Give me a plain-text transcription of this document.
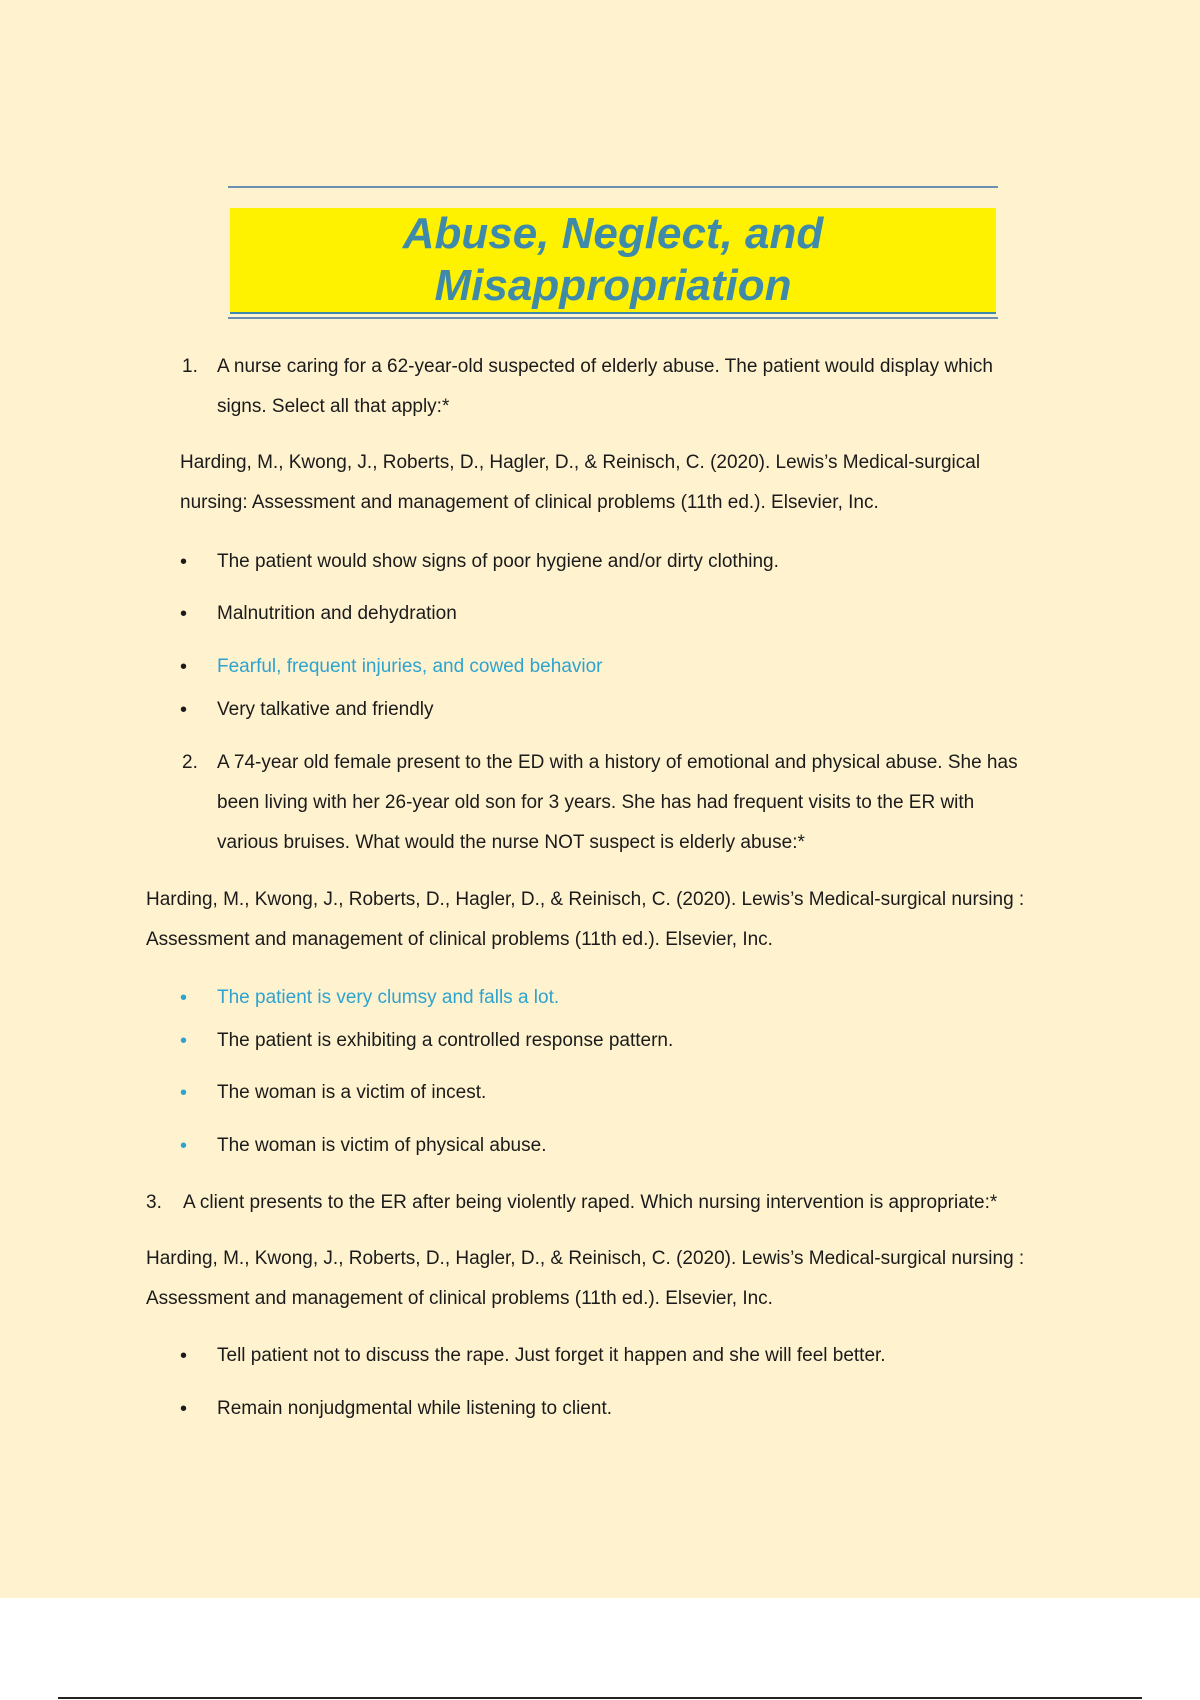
Abuse, Neglect, and Misappropriation
1. A nurse caring for a 62-year-old suspected of elderly abuse. The patient would display which
signs. Select all that apply:*
Harding, M., Kwong, J., Roberts, D., Hagler, D., & Reinisch, C. (2020). Lewis’s Medical-surgical
nursing: Assessment and management of clinical problems (11th ed.). Elsevier, Inc.
• The patient would show signs of poor hygiene and/or dirty clothing.
• Malnutrition and dehydration
• Fearful, frequent injuries, and cowed behavior
• Very talkative and friendly
2. A 74-year old female present to the ED with a history of emotional and physical abuse. She has
been living with her 26-year old son for 3 years. She has had frequent visits to the ER with
various bruises. What would the nurse NOT suspect is elderly abuse:*
Harding, M., Kwong, J., Roberts, D., Hagler, D., & Reinisch, C. (2020). Lewis’s Medical-surgical nursing :
Assessment and management of clinical problems (11th ed.). Elsevier, Inc.
• The patient is very clumsy and falls a lot.
• The patient is exhibiting a controlled response pattern.
• The woman is a victim of incest.
• The woman is victim of physical abuse.
3. A client presents to the ER after being violently raped. Which nursing intervention is appropriate:*
Harding, M., Kwong, J., Roberts, D., Hagler, D., & Reinisch, C. (2020). Lewis’s Medical-surgical nursing :
Assessment and management of clinical problems (11th ed.). Elsevier, Inc.
• Tell patient not to discuss the rape. Just forget it happen and she will feel better.
• Remain nonjudgmental while listening to client.
